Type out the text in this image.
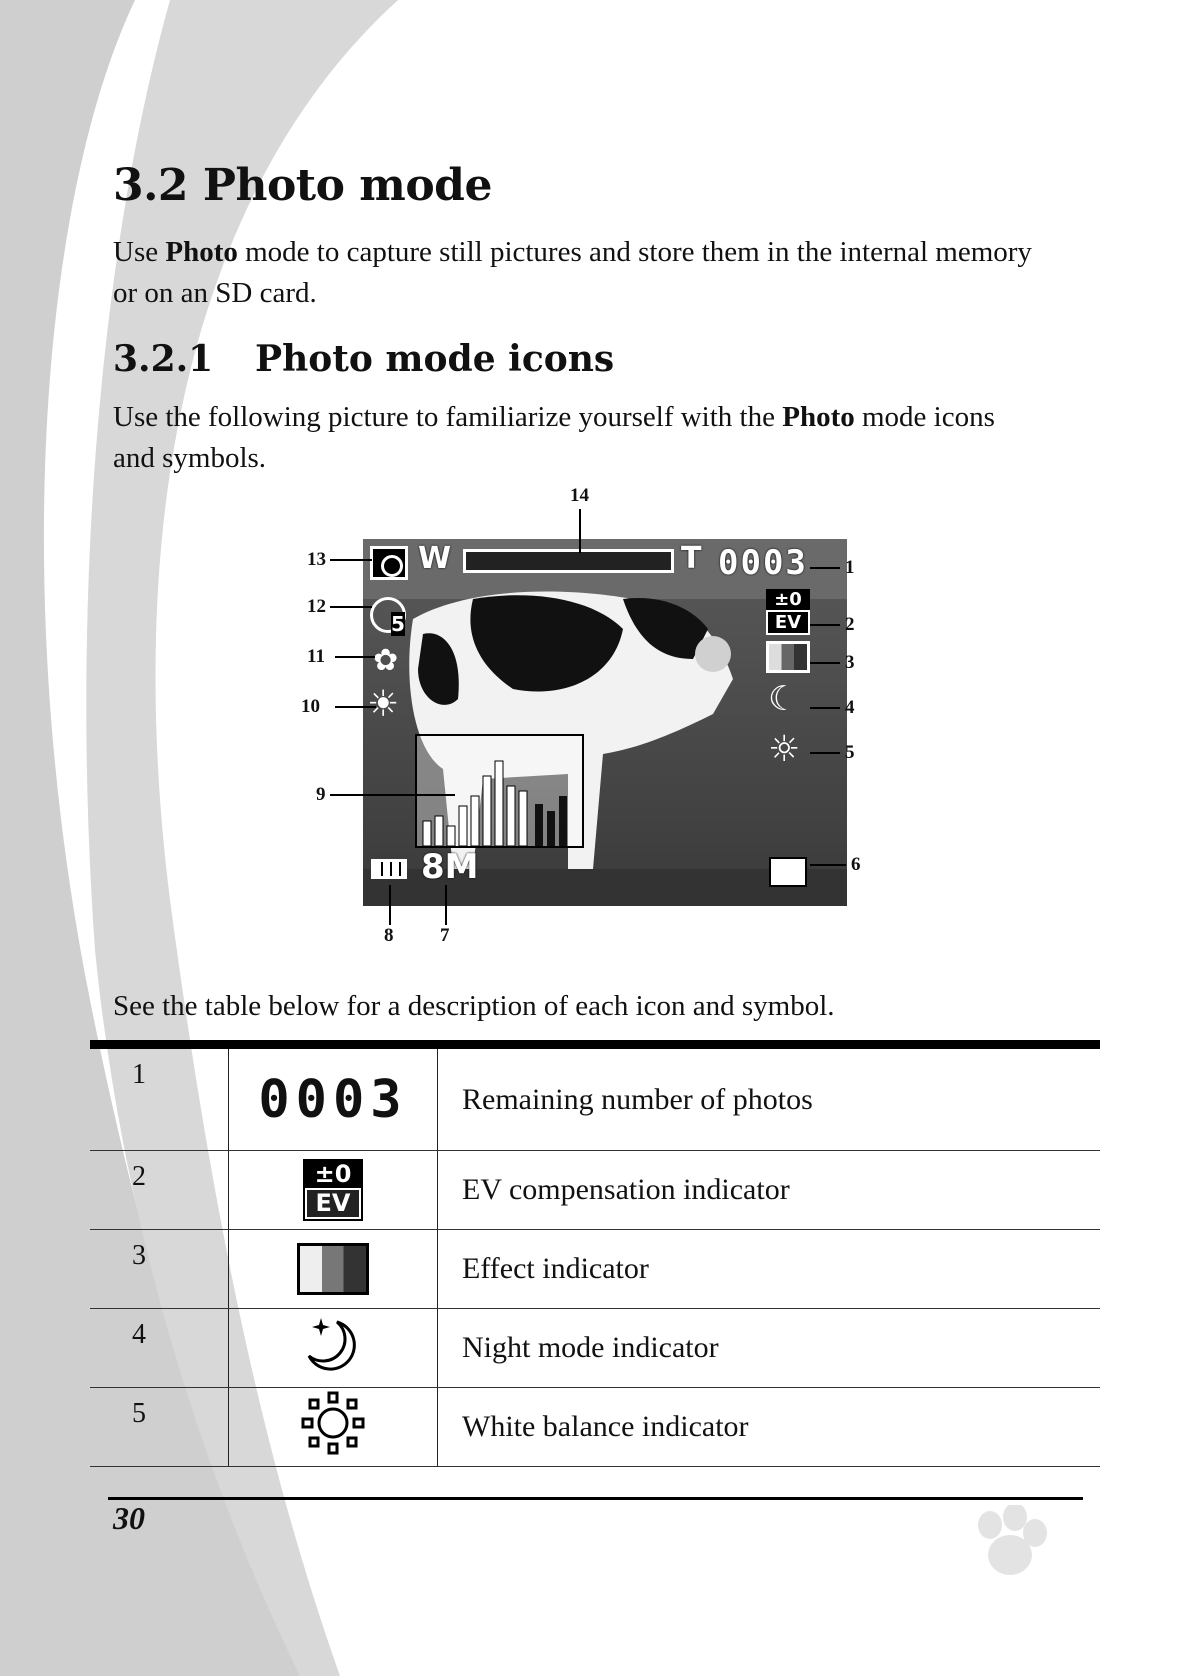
3.2 Photo mode

Use Photo mode to capture still pictures and store them in the internal memory or on an SD card.

3.2.1 Photo mode icons

Use the following picture to familiarize yourself with the Photo mode icons and symbols.

W	T 0003
±0
EV
☾
☼
5
✿
☀
8M
14
13
12
11
10
9
1
2
3
4
5
6
8 7

See the table below for a description of each icon and symbol.

1	0003	Remaining number of photos
2	$\frac{\pm 0}{EV}$	EV compensation indicator
3		Effect indicator
4		Night mode indicator
5		White balance indicator
30
